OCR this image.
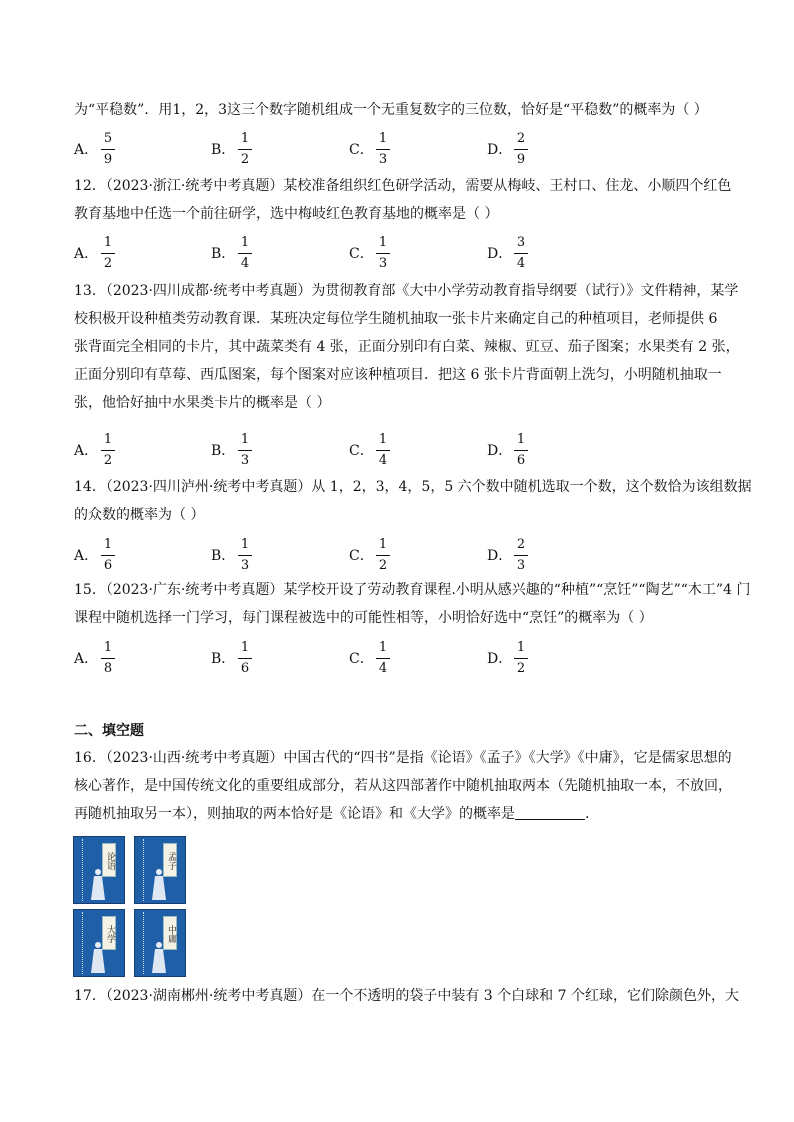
为“平稳数”．用1，2，3这三个数字随机组成一个无重复数字的三位数，恰好是“平稳数”的概率为（ ）
A．
5
9
B．
1
2
C．
1
3
D．
2
9
12．（2023·浙江·统考中考真题）某校准备组织红色研学活动，需要从梅岐、王村口、住龙、小顺四个红色
教育基地中任选一个前往研学，选中梅岐红色教育基地的概率是（ ）
A．
1
2
B．
1
4
C．
1
3
D．
3
4
13．（2023·四川成都·统考中考真题）为贯彻教育部《大中小学劳动教育指导纲要（试行）》文件精神，某学
校积极开设种植类劳动教育课．某班决定每位学生随机抽取一张卡片来确定自己的种植项目，老师提供 6
张背面完全相同的卡片，其中蔬菜类有 4 张，正面分别印有白菜、辣椒、豇豆、茄子图案；水果类有 2 张，
正面分别印有草莓、西瓜图案，每个图案对应该种植项目．把这 6 张卡片背面朝上洗匀，小明随机抽取一
张，他恰好抽中水果类卡片的概率是（ ）
A．
1
2
B．
1
3
C．
1
4
D．
1
6
14．（2023·四川泸州·统考中考真题）从 1，2，3，4，5，5 六个数中随机选取一个数，这个数恰为该组数据
的众数的概率为（ ）
A．
1
6
B．
1
3
C．
1
2
D．
2
3
15．（2023·广东·统考中考真题）某学校开设了劳动教育课程.小明从感兴趣的“种植”“烹饪”“陶艺”“木工”4 门
课程中随机选择一门学习，每门课程被选中的可能性相等，小明恰好选中“烹饪”的概率为（ ）
A．
1
8
B．
1
6
C．
1
4
D．
1
2
二、填空题
16．（2023·山西·统考中考真题）中国古代的“四书”是指《论语》《孟子》《大学》《中庸》，它是儒家思想的
核心著作，是中国传统文化的重要组成部分，若从这四部著作中随机抽取两本（先随机抽取一本，不放回，
再随机抽取另一本），则抽取的两本恰好是《论语》和《大学》的概率是	.
论语	孟子
大学	中庸
17．（2023·湖南郴州·统考中考真题）在一个不透明的袋子中装有 3 个白球和 7 个红球，它们除颜色外，大
